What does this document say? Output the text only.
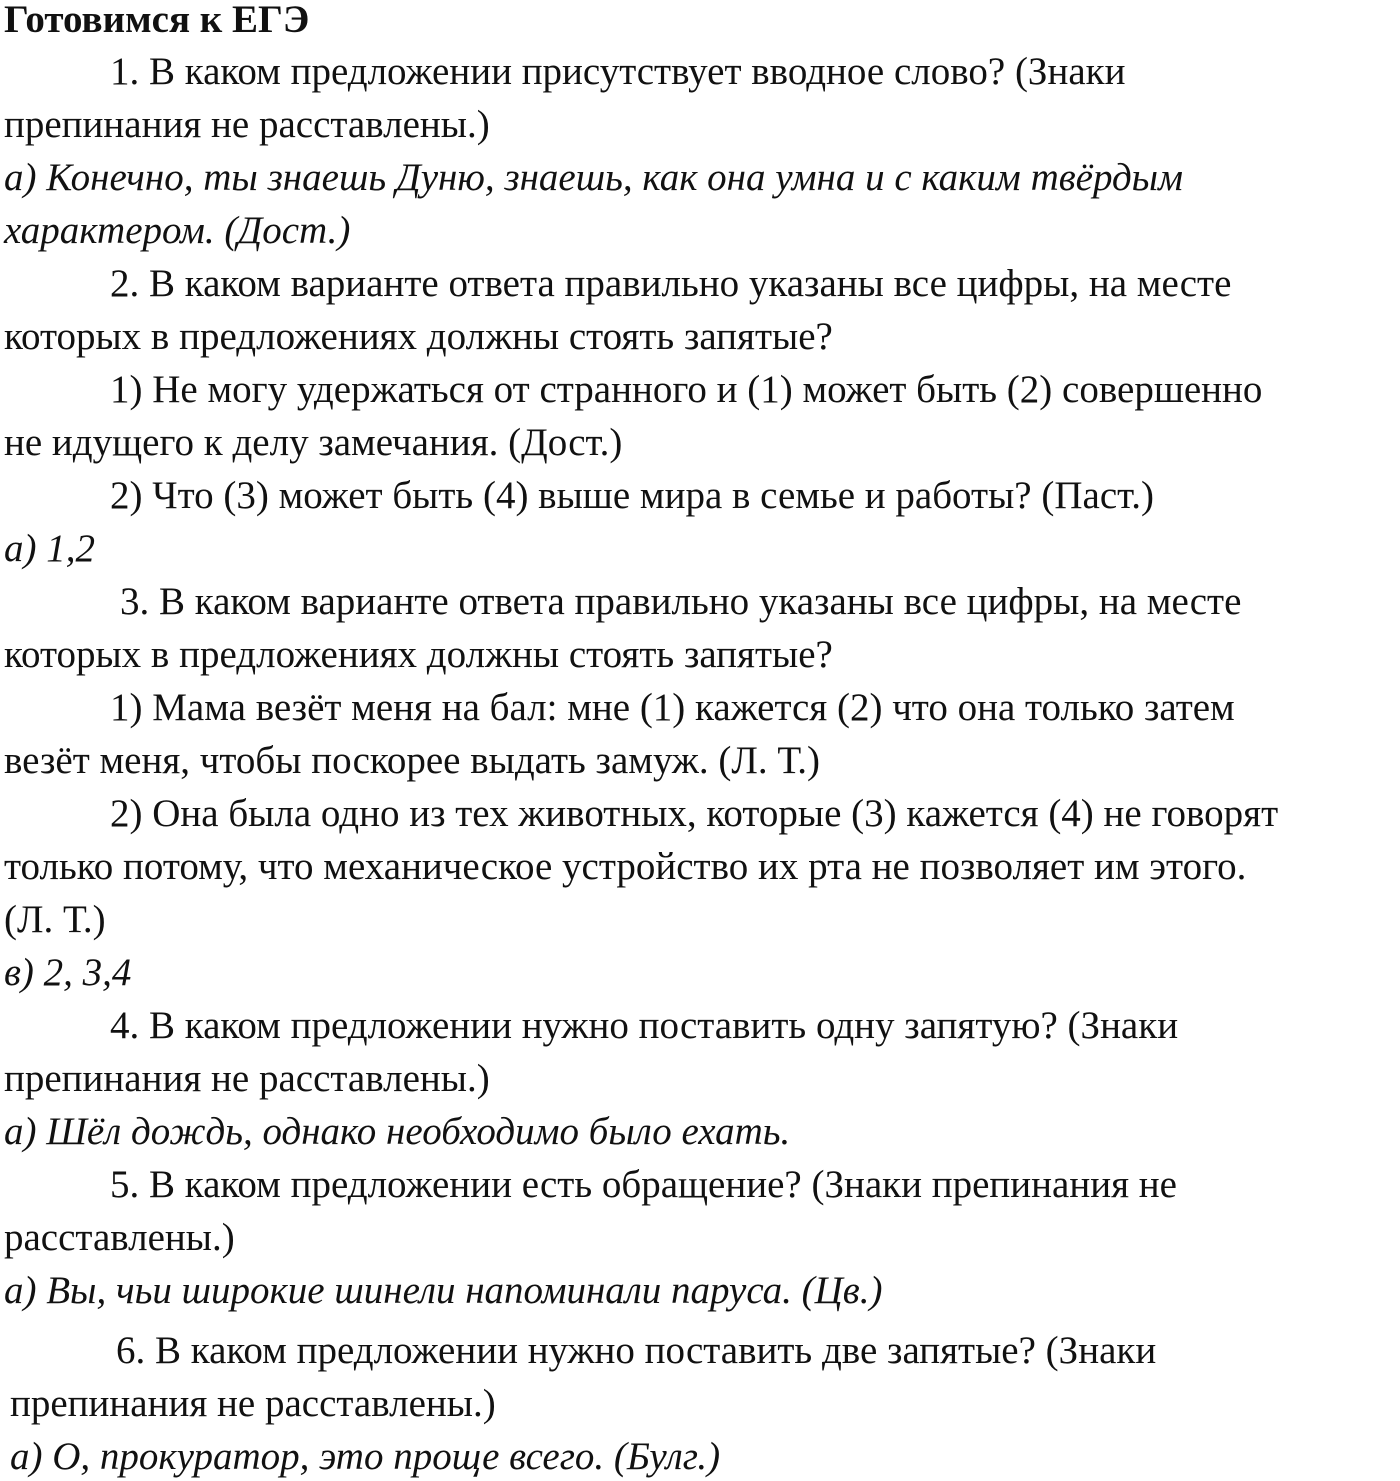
Готовимся к ЕГЭ
1. В каком предложении присутствует вводное слово? (Знаки
препинания не расставлены.)
а) Конечно, ты знаешь Дуню, знаешь, как она умна и с каким твёрдым
характером. (Дост.)
2. В каком варианте ответа правильно указаны все цифры, на месте
которых в предложениях должны стоять запятые?
1) Не могу удержаться от странного и (1) может быть (2) совершенно
не идущего к делу замечания. (Дост.)
2) Что (3) может быть (4) выше мира в семье и работы? (Паст.)
а) 1,2
3. В каком варианте ответа правильно указаны все цифры, на месте
которых в предложениях должны стоять запятые?
1) Мама везёт меня на бал: мне (1) кажется (2) что она только затем
везёт меня, чтобы поскорее выдать замуж. (Л. Т.)
2) Она была одно из тех животных, которые (3) кажется (4) не говорят
только потому, что механическое устройство их рта не позволяет им этого.
(Л. Т.)
в) 2, 3,4
4. В каком предложении нужно поставить одну запятую? (Знаки
препинания не расставлены.)
а) Шёл дождь, однако необходимо было ехать.
5. В каком предложении есть обращение? (Знаки препинания не
расставлены.)
а) Вы, чьи широкие шинели напоминали паруса. (Цв.)
6. В каком предложении нужно поставить две запятые? (Знаки
препинания не расставлены.)
а) О, прокуратор, это проще всего. (Булг.)
